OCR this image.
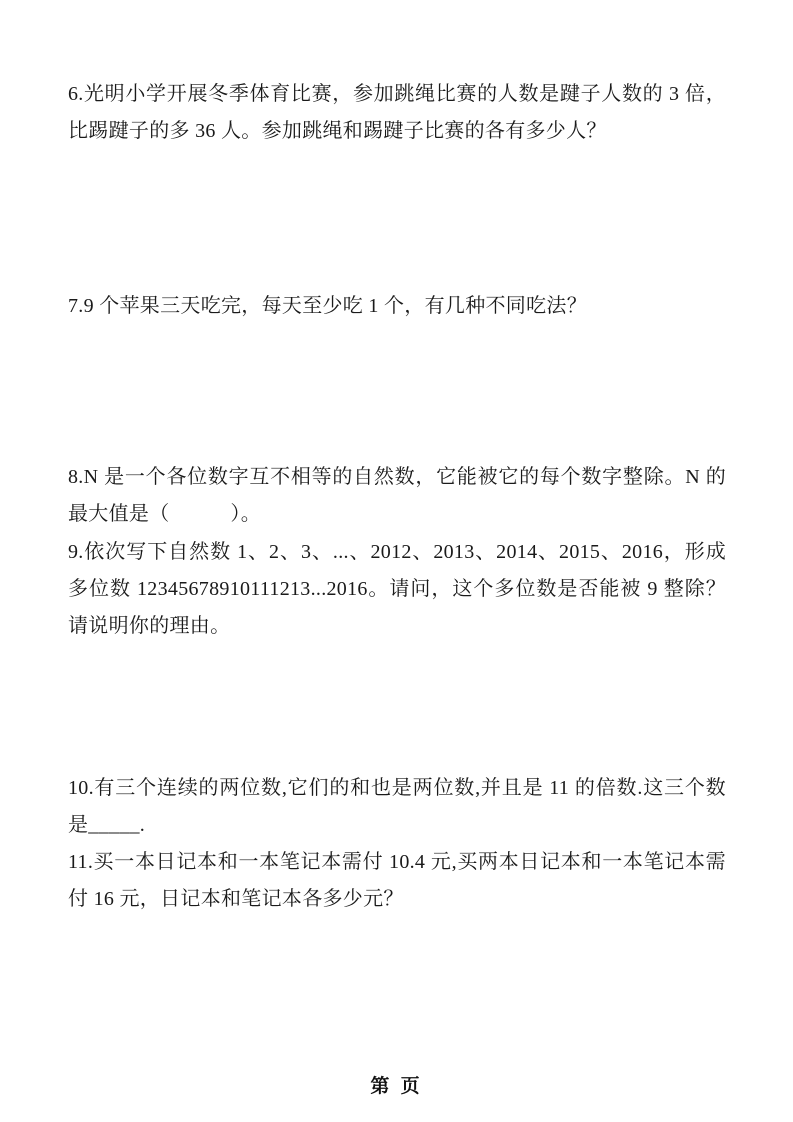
6.光明小学开展冬季体育比赛，参加跳绳比赛的人数是踺子人数的 3 倍，比踢踺子的多 36 人。参加跳绳和踢踺子比赛的各有多少人？

7.9 个苹果三天吃完，每天至少吃 1 个，有几种不同吃法？

8.N 是一个各位数字互不相等的自然数，它能被它的每个数字整除。N 的最大值是（　　　）。

9.依次写下自然数 1、2、3、...、2012、2013、2014、2015、2016，形成多位数 12345678910111213...2016。请问，这个多位数是否能被 9 整除？请说明你的理由。

10.有三个连续的两位数,它们的和也是两位数,并且是 11 的倍数.这三个数是_____.

11.买一本日记本和一本笔记本需付 10.4 元,买两本日记本和一本笔记本需付 16 元，日记本和笔记本各多少元？

第 页
